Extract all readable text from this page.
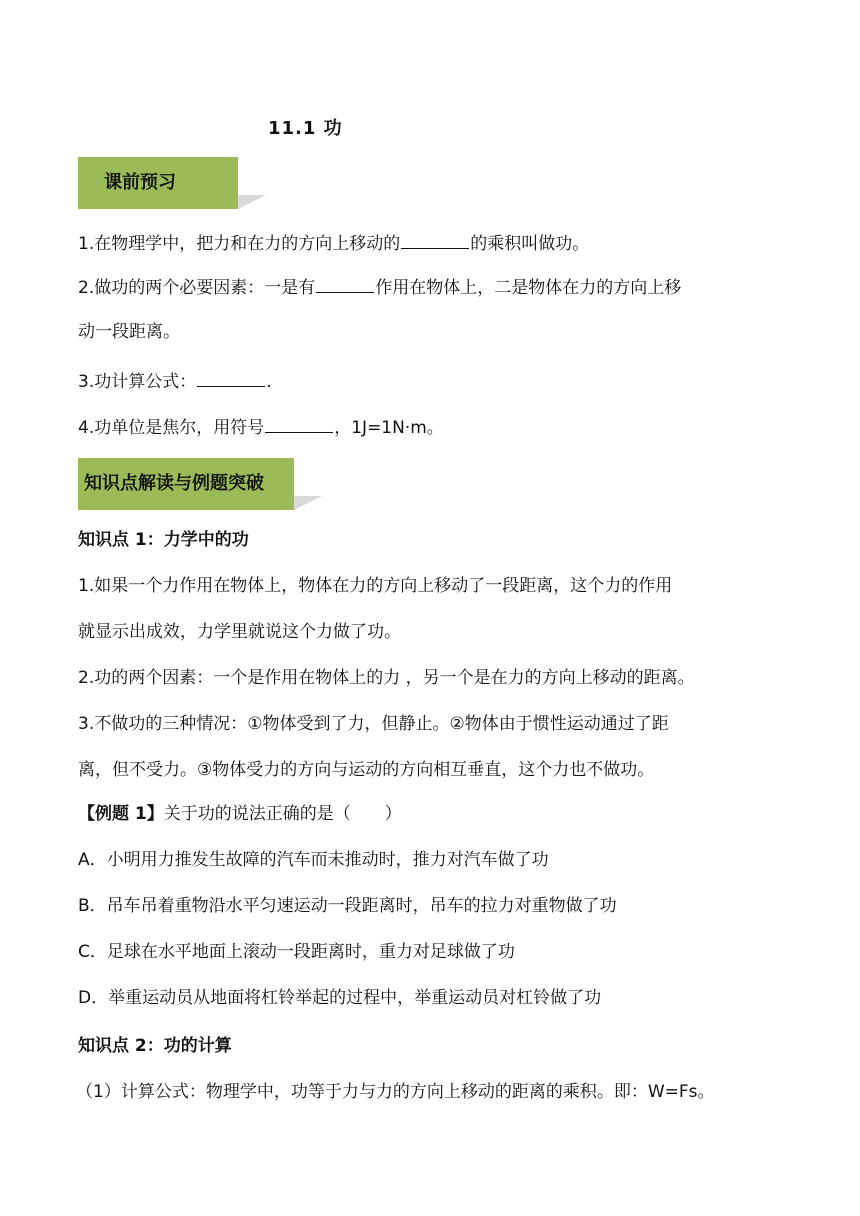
11.1 功
课前预习
1.在物理学中，把力和在力的方向上移动的	的乘积叫做功。
2.做功的两个必要因素：一是有	作用在物体上，二是物体在力的方向上移
动一段距离。
3.功计算公式：	.
4.功单位是焦尔，用符号	，1J=1N·m。
知识点解读与例题突破
知识点 1：力学中的功
1.如果一个力作用在物体上，物体在力的方向上移动了一段距离，这个力的作用
就显示出成效，力学里就说这个力做了功。
2.功的两个因素：一个是作用在物体上的力 ，另一个是在力的方向上移动的距离。
3.不做功的三种情况：①物体受到了力，但静止。②物体由于惯性运动通过了距
离，但不受力。③物体受力的方向与运动的方向相互垂直，这个力也不做功。
【例题 1】关于功的说法正确的是（　　）
A．小明用力推发生故障的汽车而未推动时，推力对汽车做了功
B．吊车吊着重物沿水平匀速运动一段距离时，吊车的拉力对重物做了功
C．足球在水平地面上滚动一段距离时，重力对足球做了功
D．举重运动员从地面将杠铃举起的过程中，举重运动员对杠铃做了功
知识点 2：功的计算
（1）计算公式：物理学中，功等于力与力的方向上移动的距离的乘积。即：W=Fs。
